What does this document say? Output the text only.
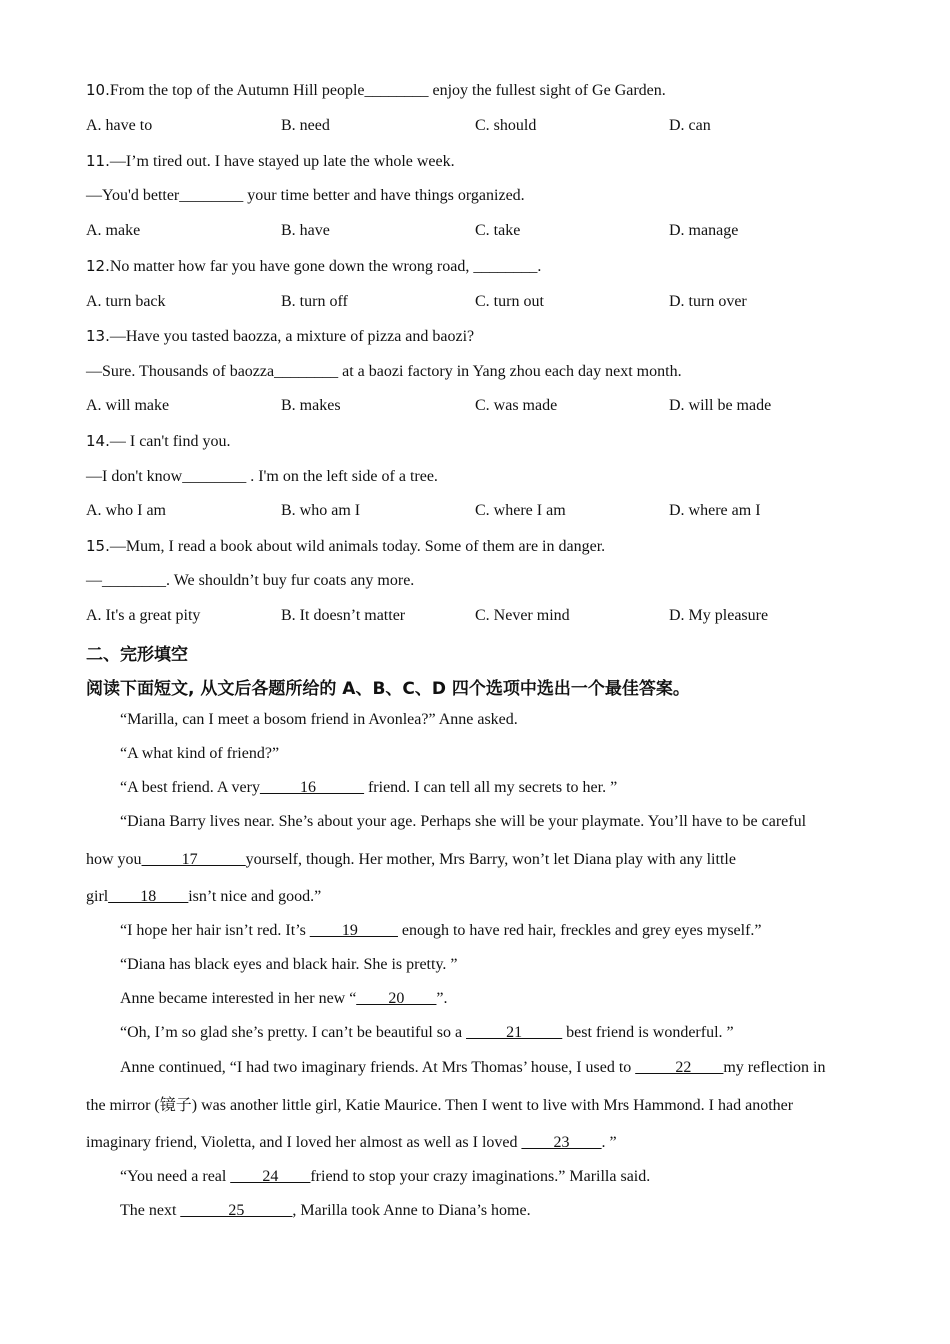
10.From the top of the Autumn Hill people________ enjoy the fullest sight of Ge Garden.
A. have to	B. need	C. should	D. can
11.—I’m tired out. I have stayed up late the whole week.
—You'd better________ your time better and have things organized.
A. make	B. have	C. take	D. manage
12.No matter how far you have gone down the wrong road, ________.
A. turn back	B. turn off	C. turn out	D. turn over
13.—Have you tasted baozza, a mixture of pizza and baozi?
—Sure. Thousands of baozza________ at a baozi factory in Yang zhou each day next month.
A. will make	B. makes	C. was made	D. will be made
14.— I can't find you.
—I don't know________ . I'm on the left side of a tree.
A. who I am	B. who am I	C. where I am	D. where am I
15.—Mum, I read a book about wild animals today. Some of them are in danger.
—________. We shouldn’t buy fur coats any more.
A. It's a great pity	B. It doesn’t matter	C. Never mind	D. My pleasure
二、完形填空
阅读下面短文, 从文后各题所给的 A、B、C、D 四个选项中选出一个最佳答案。
“Marilla, can I meet a bosom friend in Avonlea?” Anne asked.
“A what kind of friend?”
“A best friend. A very_____16______ friend. I can tell all my secrets to her. ”
“Diana Barry lives near. She’s about your age. Perhaps she will be your playmate. You’ll have to be careful
how you_____17______yourself, though. Her mother, Mrs Barry, won’t let Diana play with any little
girl____18____isn’t nice and good.”
“I hope her hair isn’t red. It’s ____19_____ enough to have red hair, freckles and grey eyes myself.”
“Diana has black eyes and black hair. She is pretty. ”
Anne became interested in her new “____20____”.
“Oh, I’m so glad she’s pretty. I can’t be beautiful so a _____21_____ best friend is wonderful. ”
Anne continued, “I had two imaginary friends. At Mrs Thomas’ house, I used to _____22____my reflection in
the mirror (镜子) was another little girl, Katie Maurice. Then I went to live with Mrs Hammond. I had another
imaginary friend, Violetta, and I loved her almost as well as I loved ____23____. ”
“You need a real ____24____friend to stop your crazy imaginations.” Marilla said.
The next ______25______, Marilla took Anne to Diana’s home.
